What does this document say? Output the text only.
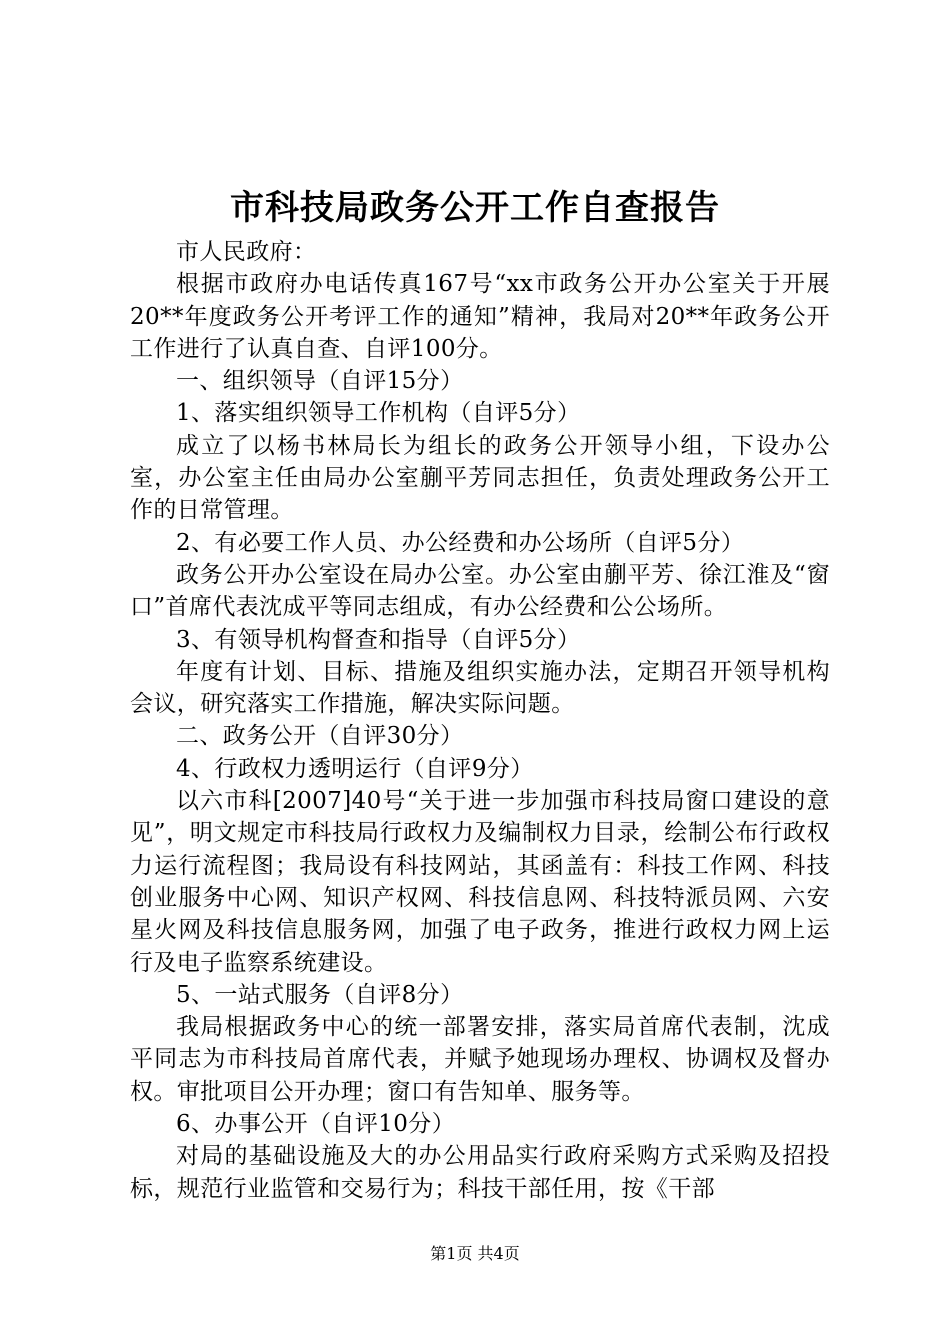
市科技局政务公开工作自查报告

市人民政府：

根据市政府办电话传真167号“xx市政务公开办公室关于开展20**年度政务公开考评工作的通知”精神，我局对20**年政务公开工作进行了认真自查、自评100分。

一、组织领导（自评15分）

1、落实组织领导工作机构（自评5分）

成立了以杨书林局长为组长的政务公开领导小组，下设办公室，办公室主任由局办公室蒯平芳同志担任，负责处理政务公开工作的日常管理。

2、有必要工作人员、办公经费和办公场所（自评5分）

政务公开办公室设在局办公室。办公室由蒯平芳、徐江淮及“窗口”首席代表沈成平等同志组成，有办公经费和公公场所。

3、有领导机构督查和指导（自评5分）

年度有计划、目标、措施及组织实施办法，定期召开领导机构会议，研究落实工作措施，解决实际问题。

二、政务公开（自评30分）

4、行政权力透明运行（自评9分）

以六市科[2007]40号“关于进一步加强市科技局窗口建设的意见”，明文规定市科技局行政权力及编制权力目录，绘制公布行政权力运行流程图；我局设有科技网站，其函盖有：科技工作网、科技创业服务中心网、知识产权网、科技信息网、科技特派员网、六安星火网及科技信息服务网，加强了电子政务，推进行政权力网上运行及电子监察系统建设。

5、一站式服务（自评8分）

我局根据政务中心的统一部署安排，落实局首席代表制，沈成平同志为市科技局首席代表，并赋予她现场办理权、协调权及督办权。审批项目公开办理；窗口有告知单、服务等。

6、办事公开（自评10分）

对局的基础设施及大的办公用品实行政府采购方式采购及招投标，规范行业监管和交易行为；科技干部任用，按《干部

第1页 共4页
